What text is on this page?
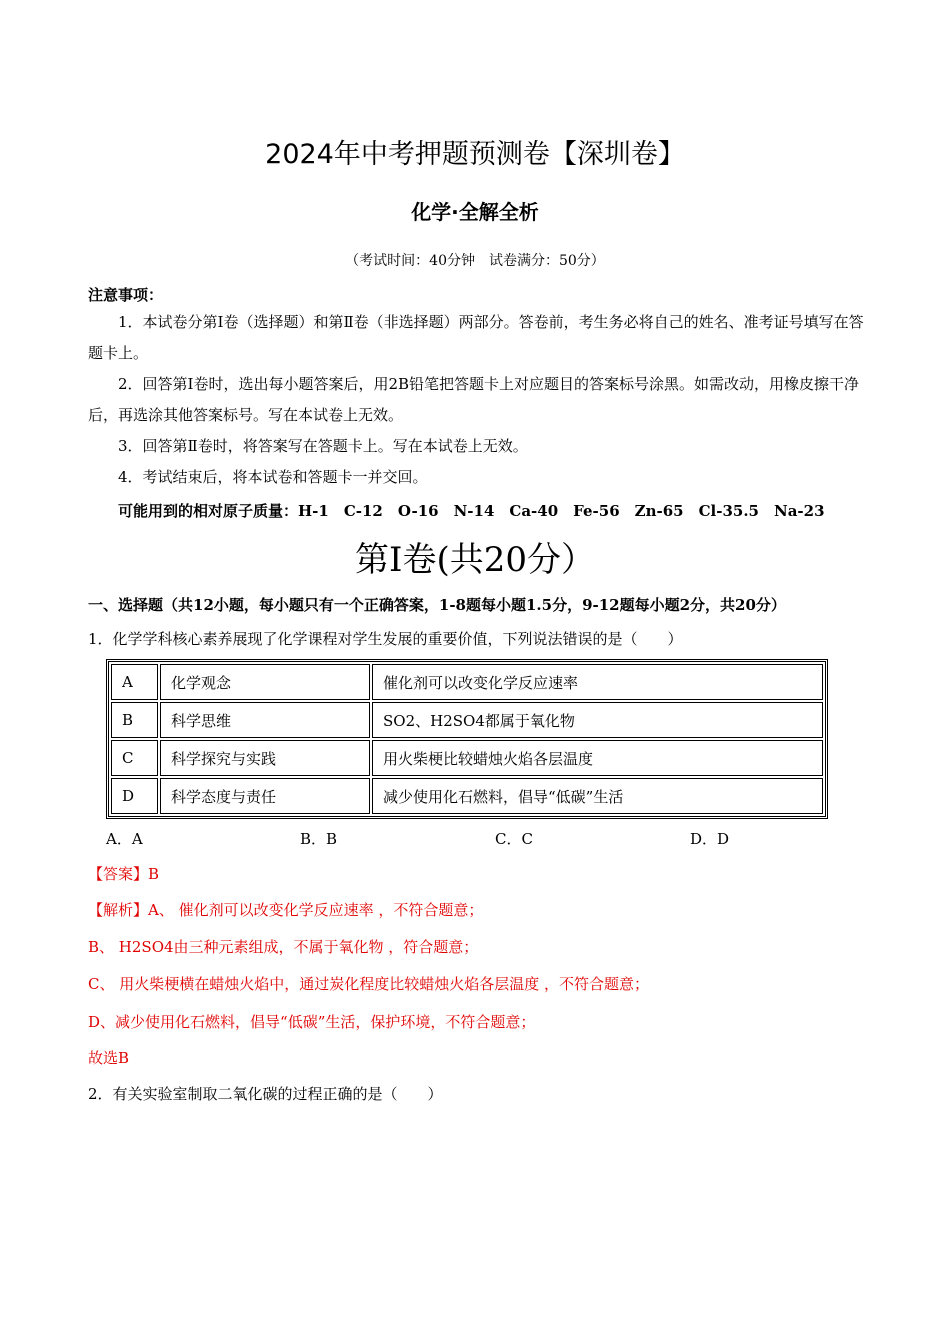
2024年中考押题预测卷【深圳卷】
化学·全解全析
（考试时间：40分钟　试卷满分：50分）
注意事项：
1．本试卷分第Ⅰ卷（选择题）和第Ⅱ卷（非选择题）两部分。答卷前，考生务必将自己的姓名、准考证号填写在答题卡上。
2．回答第Ⅰ卷时，选出每小题答案后，用2B铅笔把答题卡上对应题目的答案标号涂黑。如需改动，用橡皮擦干净后，再选涂其他答案标号。写在本试卷上无效。
3．回答第Ⅱ卷时，将答案写在答题卡上。写在本试卷上无效。
4．考试结束后，将本试卷和答题卡一并交回。
可能用到的相对原子质量：H-1　C-12　O-16　N-14　Ca-40　Fe-56　Zn-65　Cl-35.5　Na-23
第Ⅰ卷(共20分）
一、选择题（共12小题，每小题只有一个正确答案，1-8题每小题1.5分，9-12题每小题2分，共20分）
1．化学学科核心素养展现了化学课程对学生发展的重要价值，下列说法错误的是（　　）
A	化学观念	催化剂可以改变化学反应速率
B	科学思维	SO2、H2SO4都属于氧化物
C	科学探究与实践	用火柴梗比较蜡烛火焰各层温度
D	科学态度与责任	减少使用化石燃料，倡导“低碳”生活
A．A	B．B	C．C	D．D
【答案】B
【解析】A、 催化剂可以改变化学反应速率 ，不符合题意；
B、 H2SO4由三种元素组成，不属于氧化物 ，符合题意；
C、 用火柴梗横在蜡烛火焰中，通过炭化程度比较蜡烛火焰各层温度 ，不符合题意；
D、减少使用化石燃料，倡导“低碳”生活，保护环境，不符合题意；
故选B
2．有关实验室制取二氧化碳的过程正确的是（　　）
